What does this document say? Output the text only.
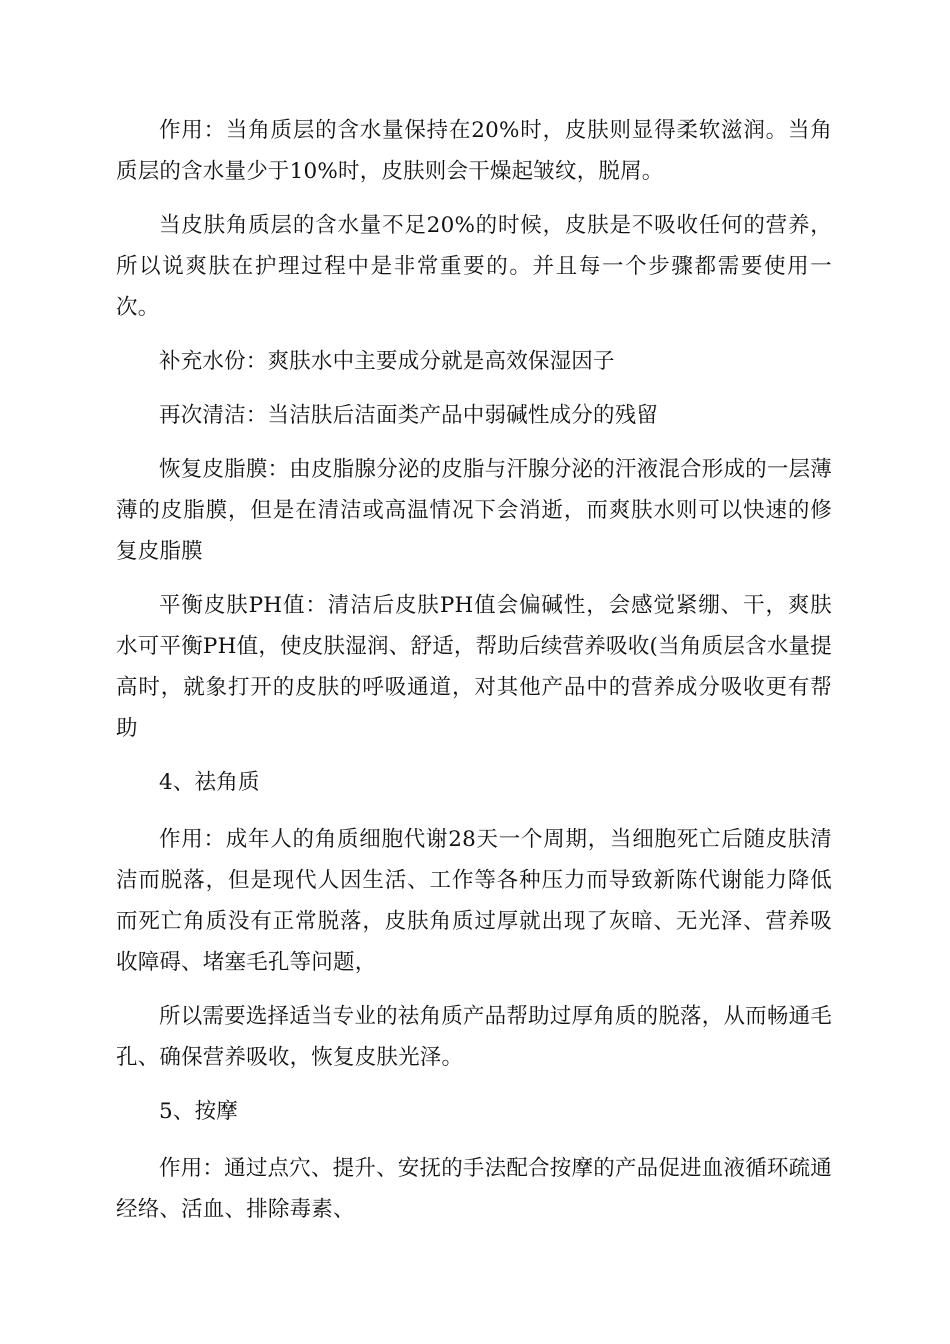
作用：当角质层的含水量保持在20%时，皮肤则显得柔软滋润。当角质层的含水量少于10%时，皮肤则会干燥起皱纹，脱屑。

当皮肤角质层的含水量不足20%的时候，皮肤是不吸收任何的营养，所以说爽肤在护理过程中是非常重要的。并且每一个步骤都需要使用一次。

补充水份：爽肤水中主要成分就是高效保湿因子

再次清洁：当洁肤后洁面类产品中弱碱性成分的残留

恢复皮脂膜：由皮脂腺分泌的皮脂与汗腺分泌的汗液混合形成的一层薄薄的皮脂膜，但是在清洁或高温情况下会消逝，而爽肤水则可以快速的修复皮脂膜

平衡皮肤PH值：清洁后皮肤PH值会偏碱性，会感觉紧绷、干，爽肤水可平衡PH值，使皮肤湿润、舒适，帮助后续营养吸收(当角质层含水量提高时，就象打开的皮肤的呼吸通道，对其他产品中的营养成分吸收更有帮助

4、祛角质

作用：成年人的角质细胞代谢28天一个周期，当细胞死亡后随皮肤清洁而脱落，但是现代人因生活、工作等各种压力而导致新陈代谢能力降低而死亡角质没有正常脱落，皮肤角质过厚就出现了灰暗、无光泽、营养吸收障碍、堵塞毛孔等问题，

所以需要选择适当专业的祛角质产品帮助过厚角质的脱落，从而畅通毛孔、确保营养吸收，恢复皮肤光泽。

5、按摩

作用：通过点穴、提升、安抚的手法配合按摩的产品促进血液循环疏通经络、活血、排除毒素、
